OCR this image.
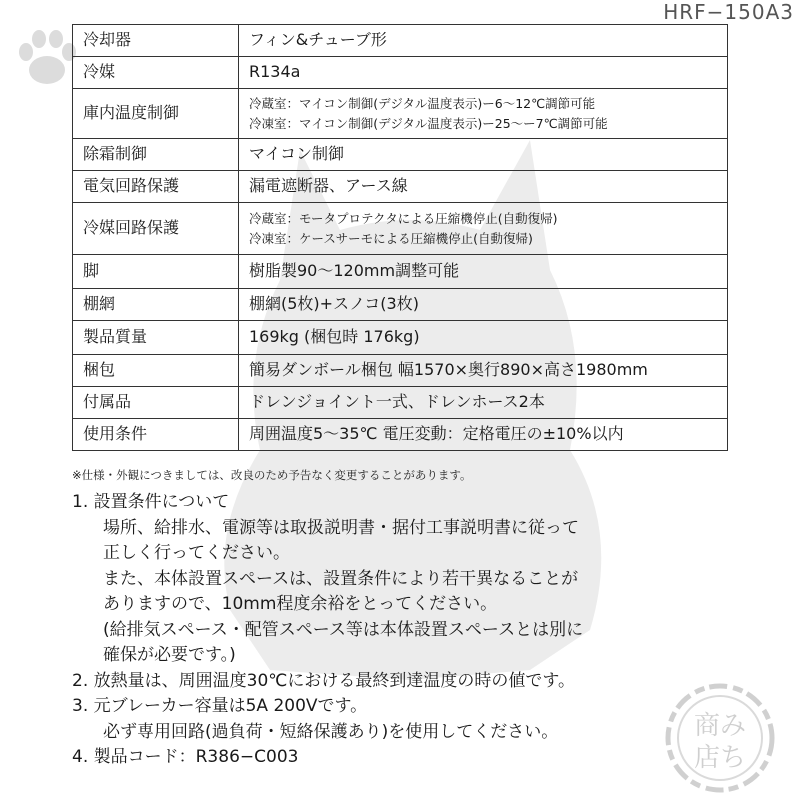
HRF−150A3
冷却器	フィン&チューブ形
冷媒	R134a
庫内温度制御	冷蔵室：マイコン制御(デジタル温度表示)ー6〜12℃調節可能
冷凍室：マイコン制御(デジタル温度表示)ー25〜ー7℃調節可能

除霜制御	マイコン制御
電気回路保護	漏電遮断器、アース線
冷媒回路保護	冷蔵室：モータプロテクタによる圧縮機停止(自動復帰)
冷凍室：ケースサーモによる圧縮機停止(自動復帰)

脚	樹脂製90〜120mm調整可能
棚網	棚網(5枚)+スノコ(3枚)
製品質量	169kg (梱包時 176kg)
梱包	簡易ダンボール梱包 幅1570×奥行890×高さ1980mm
付属品	ドレンジョイント一式、ドレンホース2本
使用条件	周囲温度5〜35℃ 電圧変動：定格電圧の±10%以内
※仕様・外観につきましては、改良のため予告なく変更することがあります。
1. 設置条件について
場所、給排水、電源等は取扱説明書・据付工事説明書に従って
正しく行ってください。
また、本体設置スペースは、設置条件により若干異なることが
ありますので、10mm程度余裕をとってください。
(給排気スペース・配管スペース等は本体設置スペースとは別に
確保が必要です。)
2. 放熱量は、周囲温度30℃における最終到達温度の時の値です。
3. 元ブレーカー容量は5A 200Vです。
必ず専用回路(過負荷・短絡保護あり)を使用してください。
4. 製品コード：R386−C003
商み
店ち
